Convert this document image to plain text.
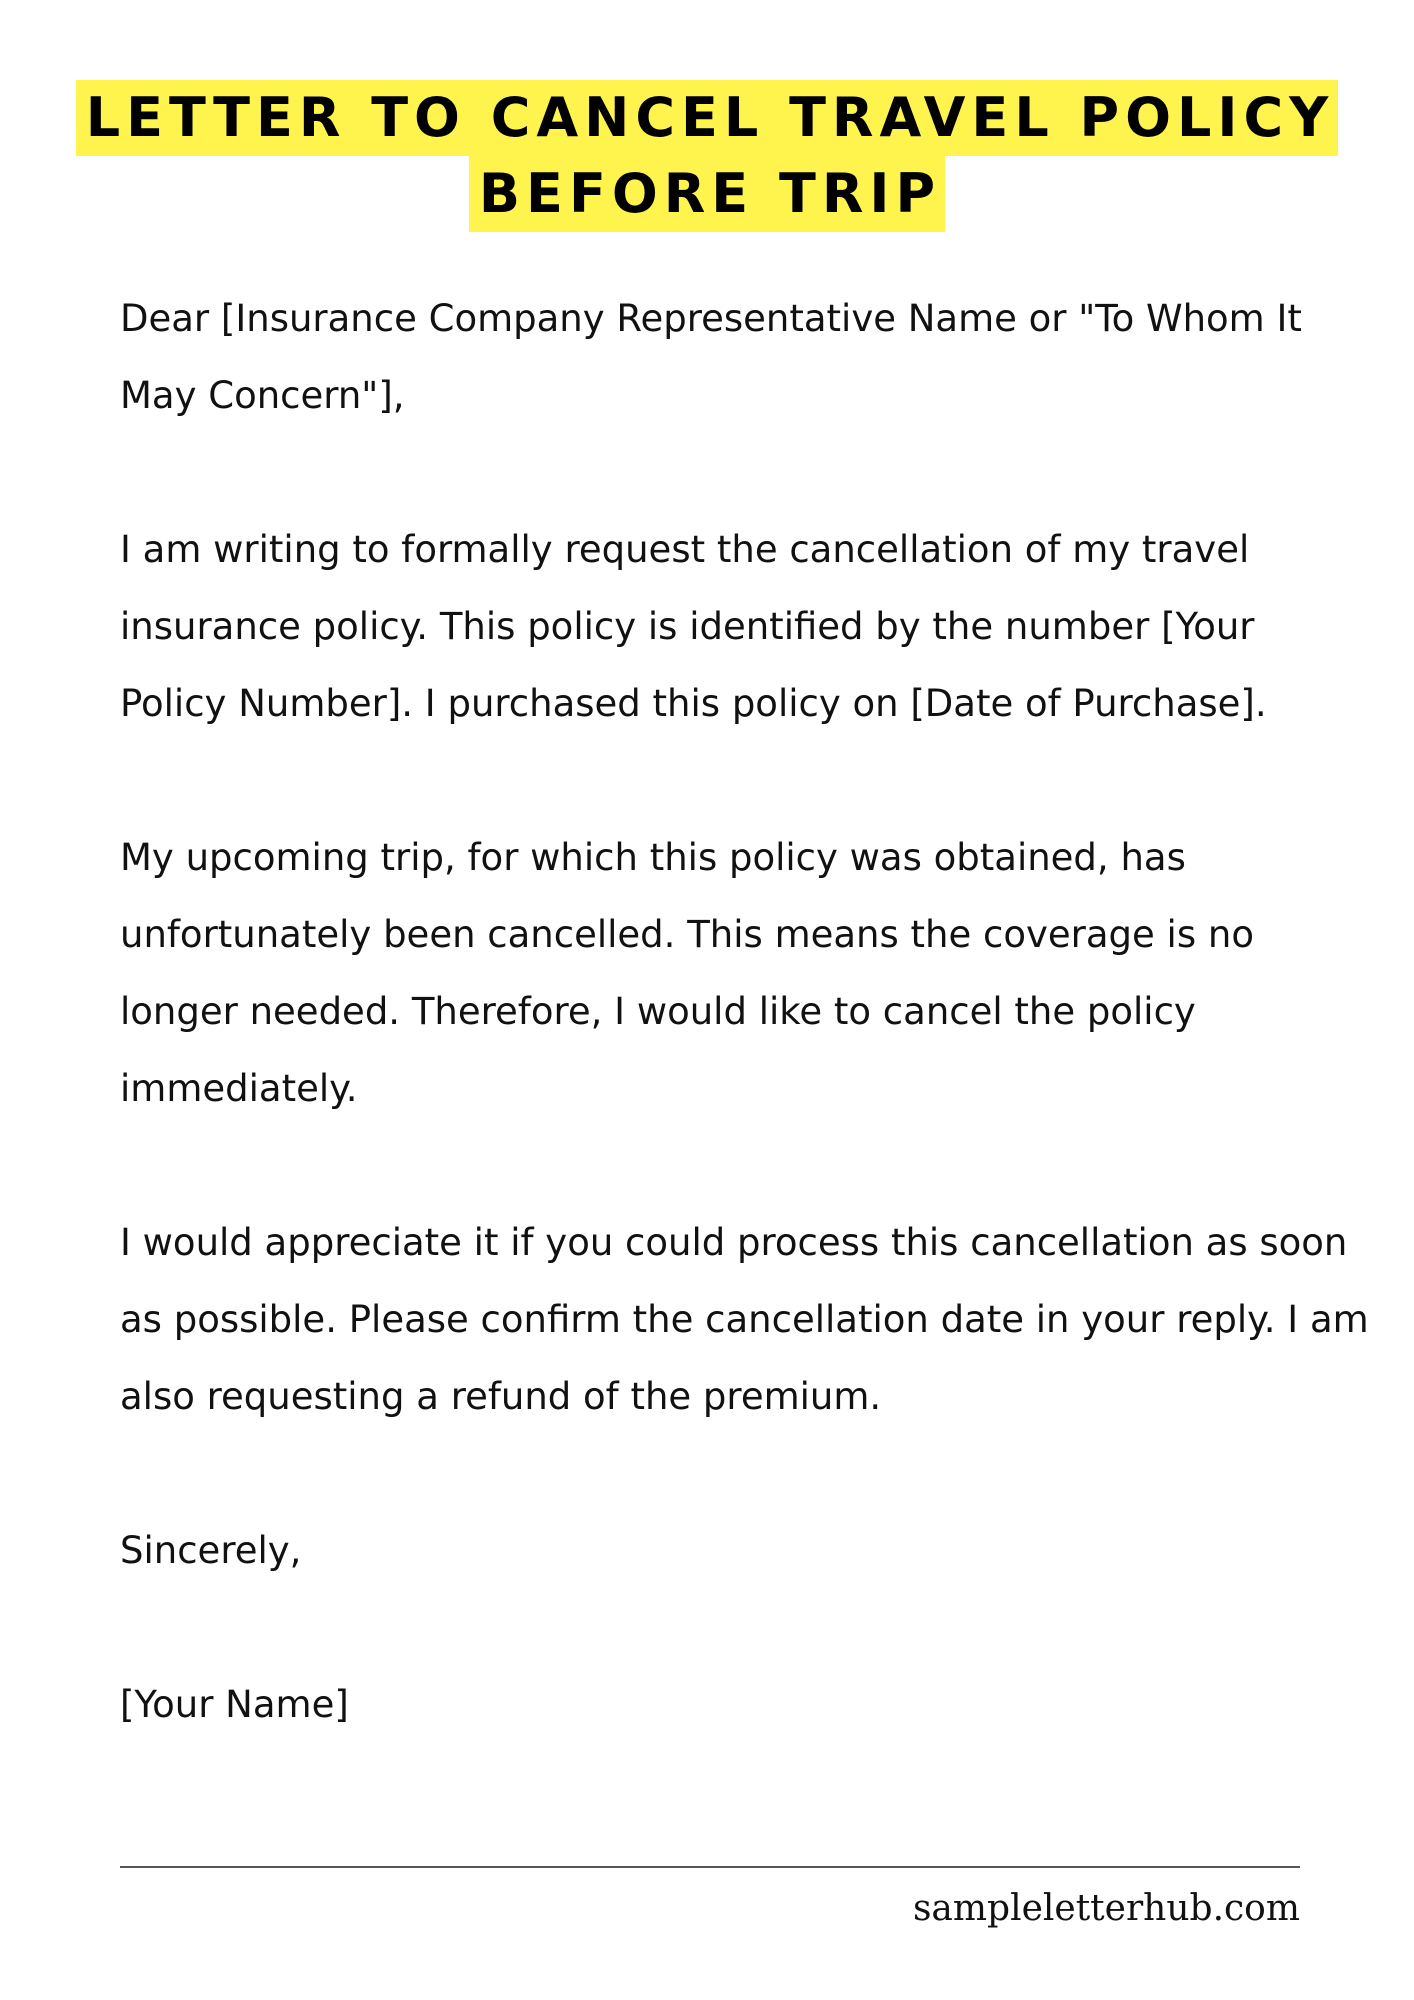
LETTER TO CANCEL TRAVEL POLICY
BEFORE TRIP

Dear [Insurance Company Representative Name or "To Whom It May Concern"],

I am writing to formally request the cancellation of my travel insurance policy. This policy is identified by the number [Your Policy Number]. I purchased this policy on [Date of Purchase].

My upcoming trip, for which this policy was obtained, has unfortunately been cancelled. This means the coverage is no longer needed. Therefore, I would like to cancel the policy immediately.

I would appreciate it if you could process this cancellation as soon as possible. Please confirm the cancellation date in your reply. I am also requesting a refund of the premium.

Sincerely,

[Your Name]

sampleletterhub.com
